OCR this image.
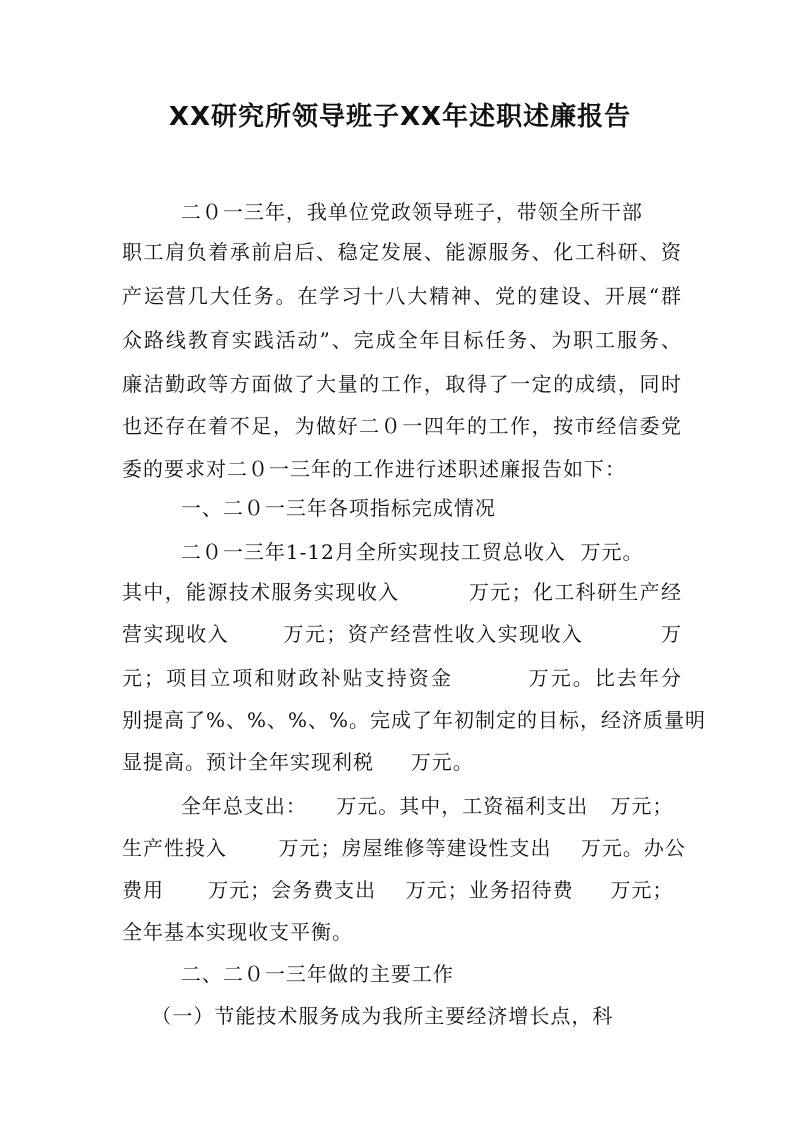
XX研究所领导班子XX年述职述廉报告
二０一三年，我单位党政领导班子，带领全所干部
职工肩负着承前启后、稳定发展、能源服务、化工科研、资
产运营几大任务。在学习十八大精神、党的建设、开展“群
众路线教育实践活动”、完成全年目标任务、为职工服务、
廉洁勤政等方面做了大量的工作，取得了一定的成绩，同时
也还存在着不足，为做好二０一四年的工作，按市经信委党
委的要求对二０一三年的工作进行述职述廉报告如下：
一、二０一三年各项指标完成情况
二０一三年1-12月全所实现技工贸总收入  万元。
其中，能源技术服务实现收入         万元；化工科研生产经
营实现收入       万元；资产经营性收入实现收入          万
元；项目立项和财政补贴支持资金         万元。比去年分
别提高了%、%、%、%。完成了年初制定的目标，经济质量明
显提高。预计全年实现利税     万元。
全年总支出：    万元。其中，工资福利支出   万元；
生产性投入       万元；房屋维修等建设性支出    万元。办公
费用      万元；会务费支出    万元；业务招待费     万元；
全年基本实现收支平衡。
二、二０一三年做的主要工作
（一）节能技术服务成为我所主要经济增长点，科
